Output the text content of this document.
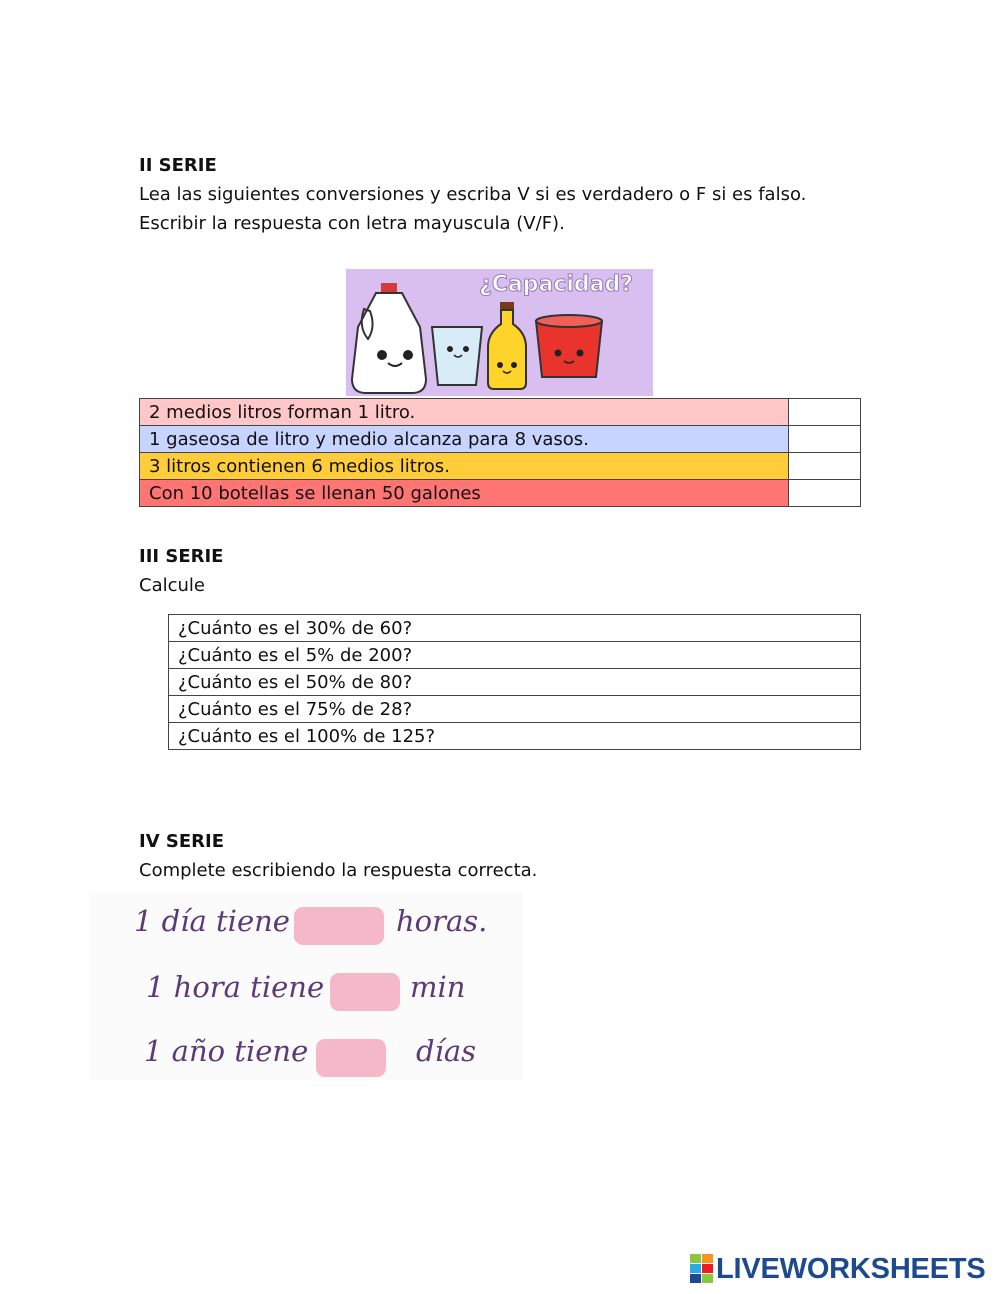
II SERIE
Lea las siguientes conversiones y escriba V si es verdadero o F si es falso.
Escribir la respuesta con letra mayuscula (V/F).
¿Capacidad?
2 medios litros forman 1 litro.	
1 gaseosa de litro y medio alcanza para 8 vasos.	
3 litros contienen 6 medios litros.	
Con 10 botellas se llenan 50 galones	
III SERIE
Calcule
¿Cuánto es el 30% de 60?
¿Cuánto es el 5% de 200?
¿Cuánto es el 50% de 80?
¿Cuánto es el 75% de 28?
¿Cuánto es el 100% de 125?
IV SERIE
Complete escribiendo la respuesta correcta.
1 día tiene	horas.
1 hora tiene	min
1 año tiene	días
LIVEWORKSHEETS
